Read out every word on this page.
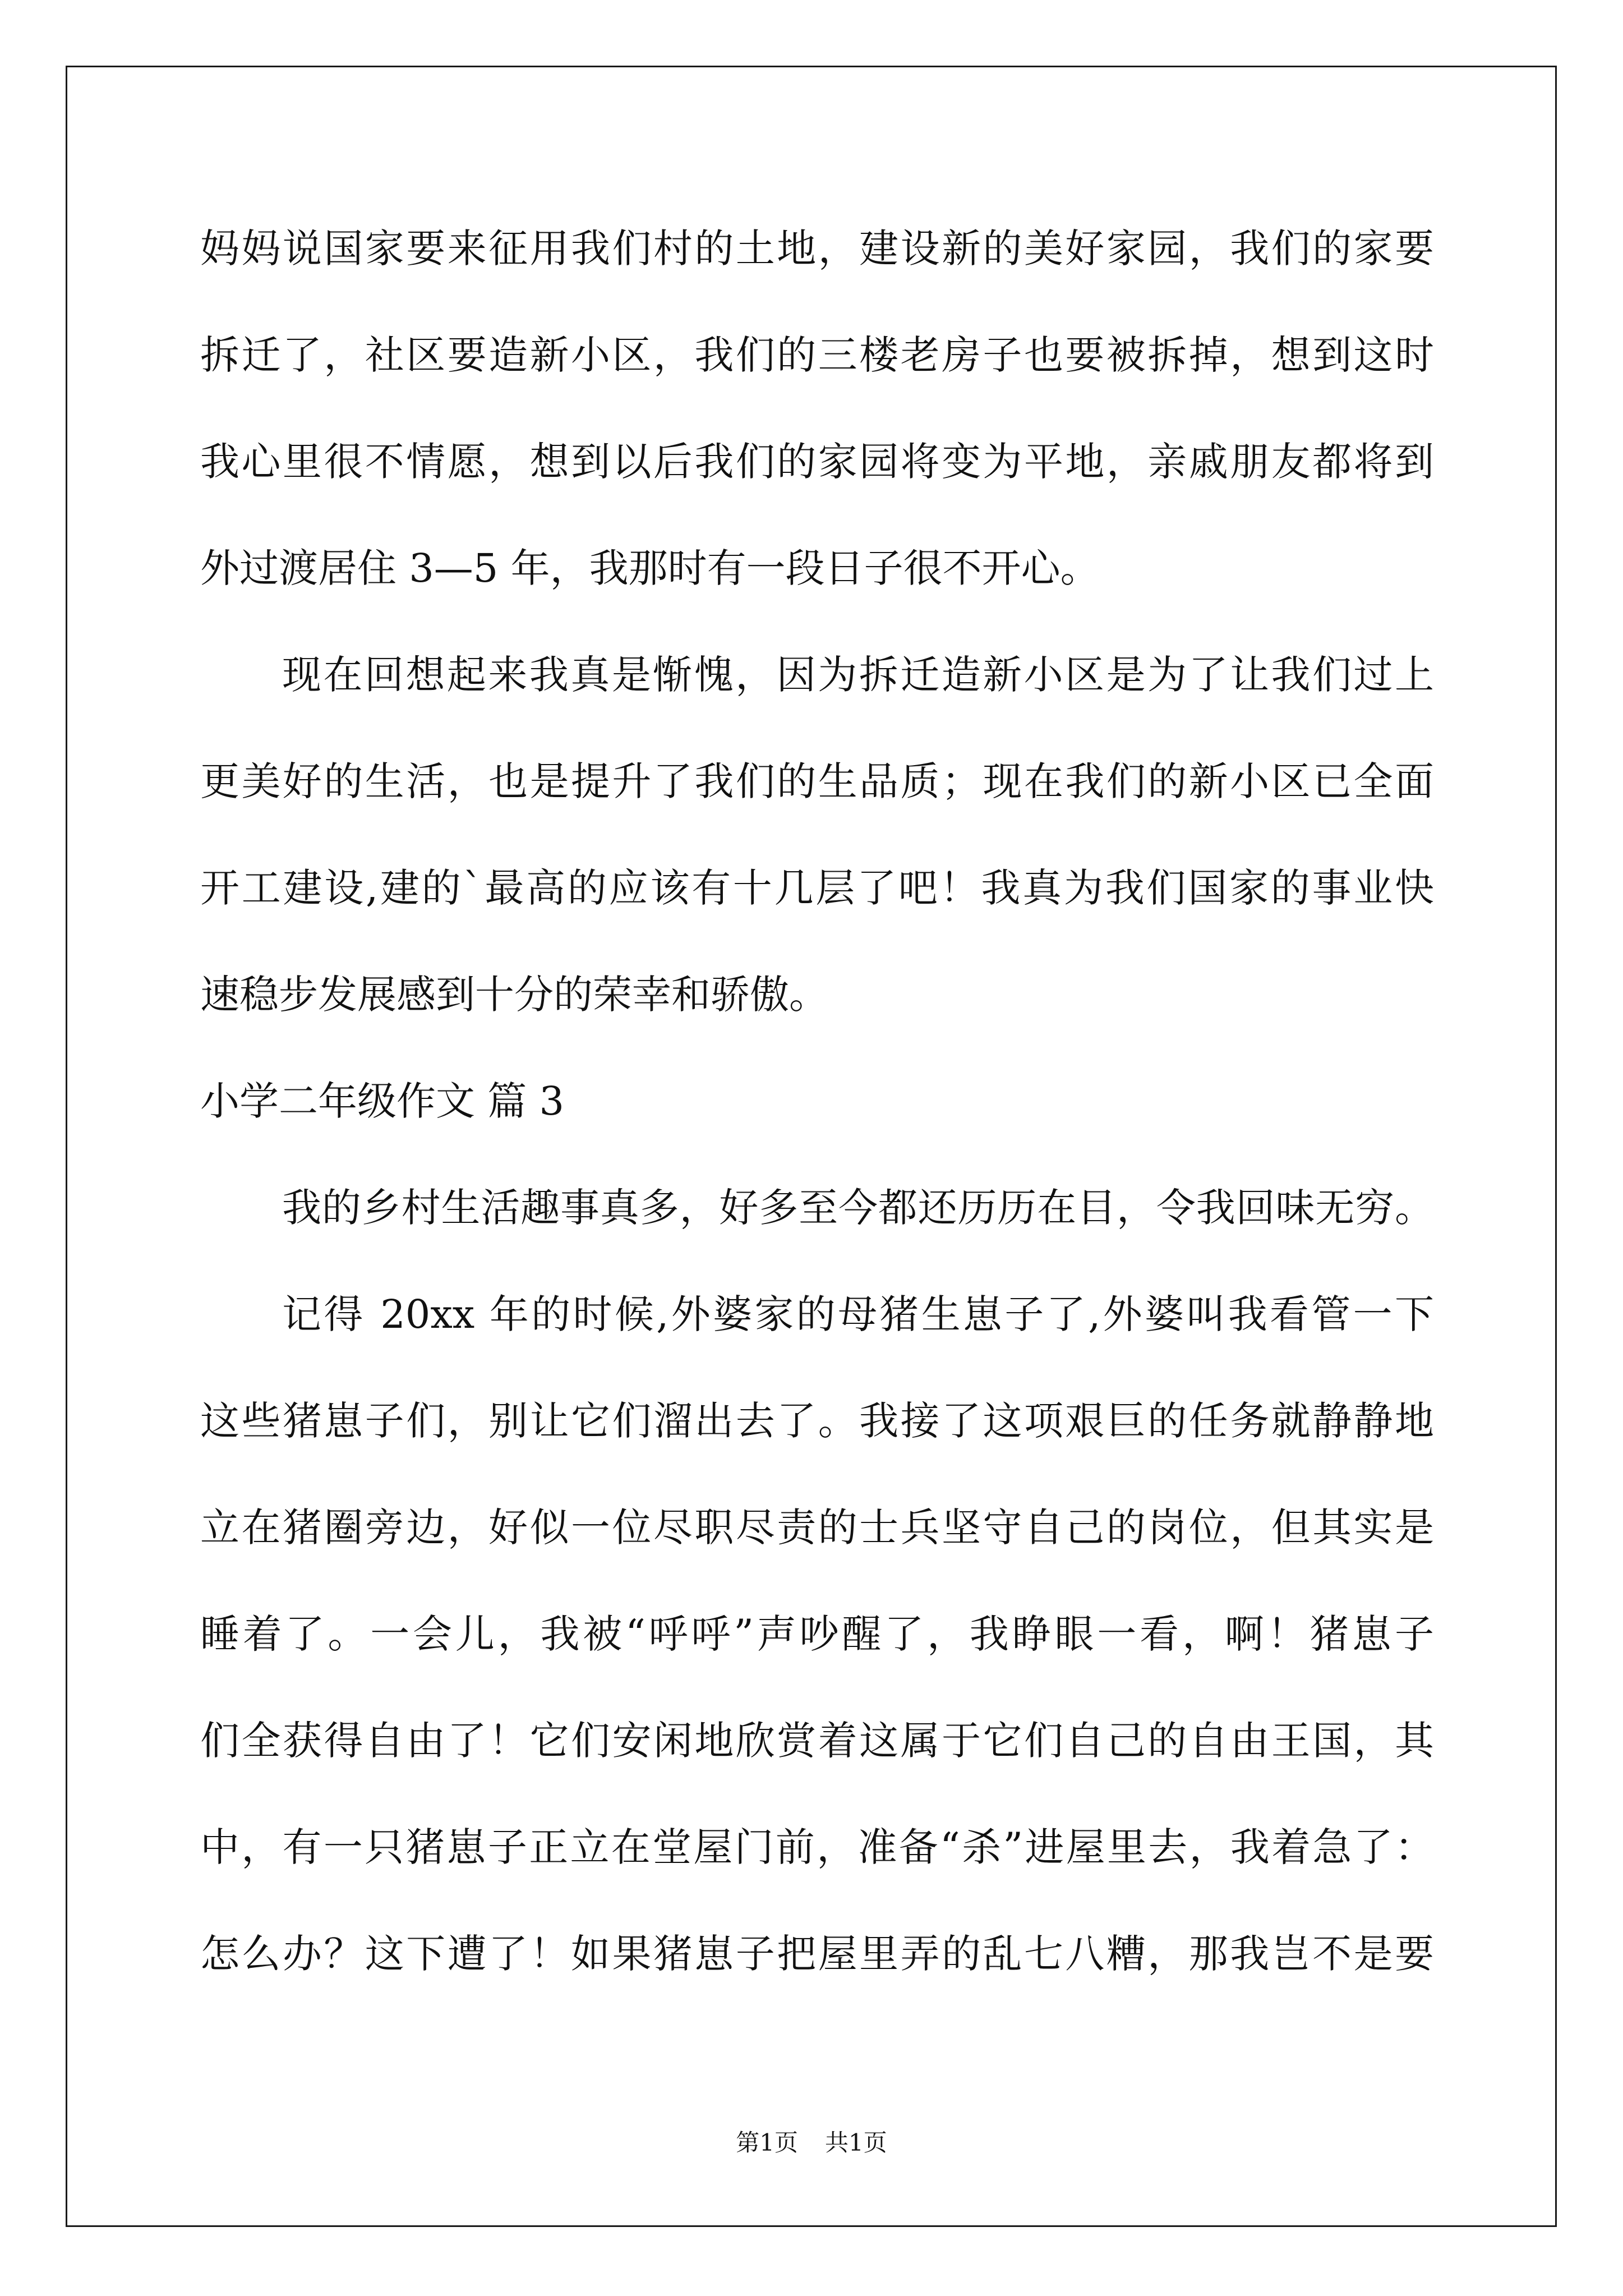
妈妈说国家要来征用我们村的土地，建设新的美好家园，我们的家要
拆迁了，社区要造新小区，我们的三楼老房子也要被拆掉，想到这时
我心里很不情愿，想到以后我们的家园将变为平地，亲戚朋友都将到
外过渡居住 3—5 年，我那时有一段日子很不开心。
现在回想起来我真是惭愧，因为拆迁造新小区是为了让我们过上
更美好的生活，也是提升了我们的生品质；现在我们的新小区已全面
开工建设,建的`最高的应该有十几层了吧！我真为我们国家的事业快
速稳步发展感到十分的荣幸和骄傲。
小学二年级作文 篇 3
我的乡村生活趣事真多，好多至今都还历历在目，令我回味无穷。
记得 20xx 年的时候,外婆家的母猪生崽子了,外婆叫我看管一下
这些猪崽子们，别让它们溜出去了。我接了这项艰巨的任务就静静地
立在猪圈旁边，好似一位尽职尽责的士兵坚守自己的岗位，但其实是
睡着了。一会儿，我被“呼呼”声吵醒了，我睁眼一看，啊！猪崽子
们全获得自由了！它们安闲地欣赏着这属于它们自己的自由王国，其
中，有一只猪崽子正立在堂屋门前，准备“杀”进屋里去，我着急了：
怎么办？这下遭了！如果猪崽子把屋里弄的乱七八糟，那我岂不是要
第1页 共1页
